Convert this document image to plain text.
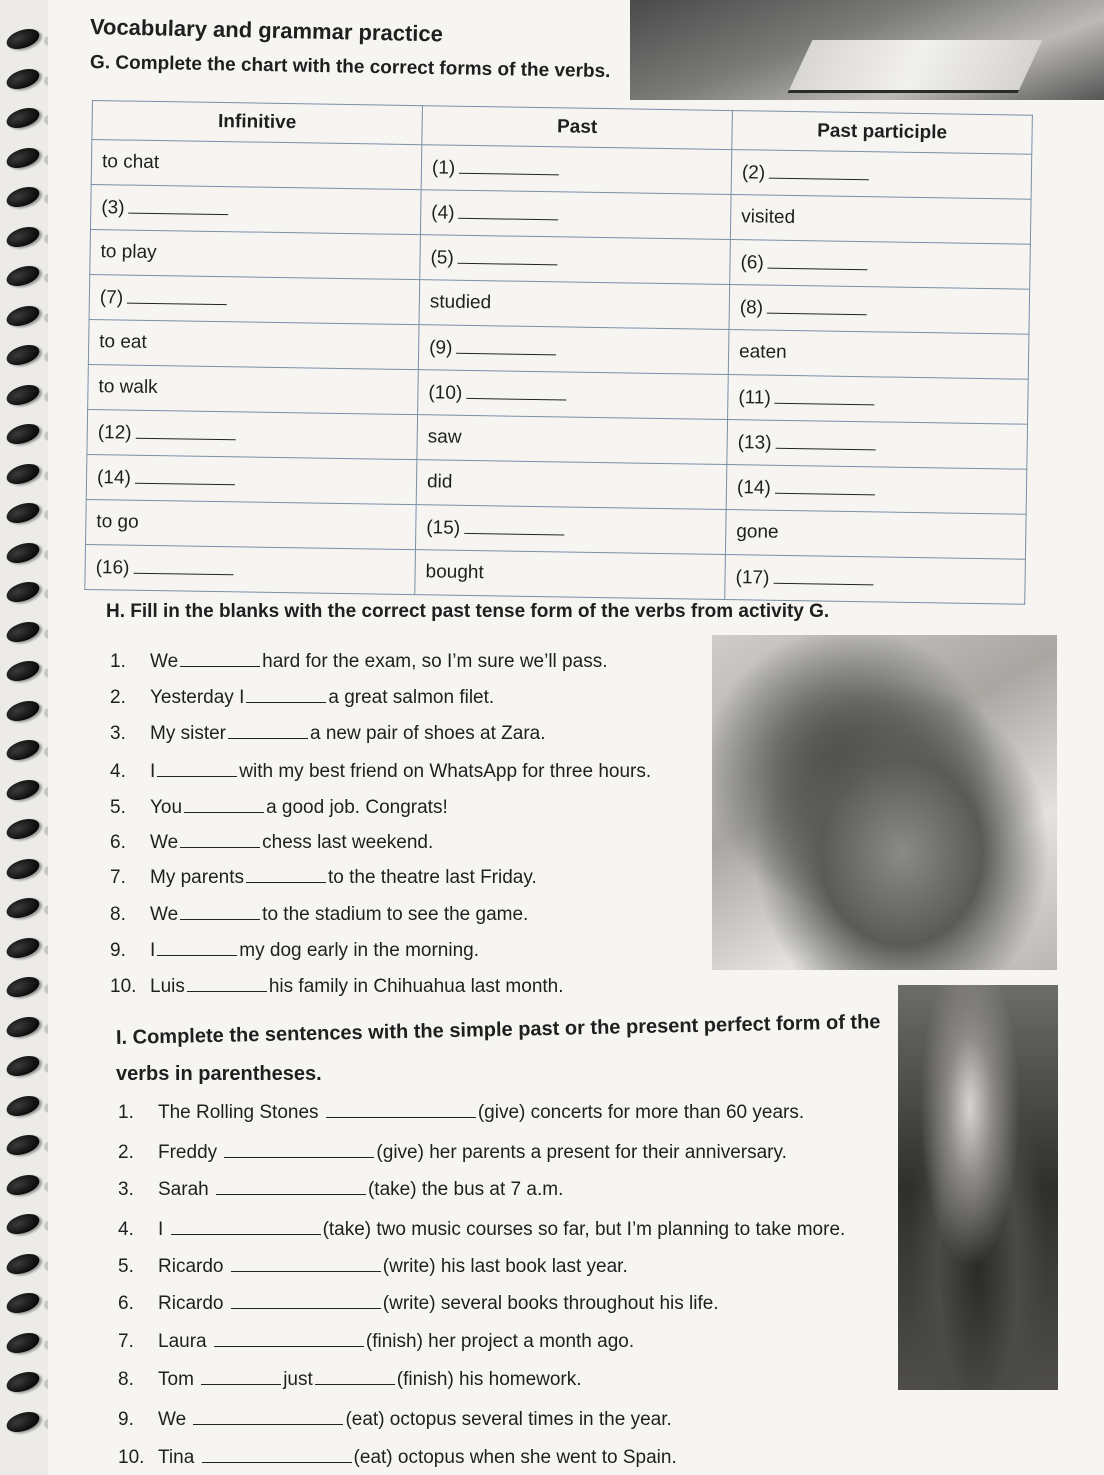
Vocabulary and grammar practice

G. Complete the chart with the correct forms of the verbs.

Infinitive	Past	Past participle
to chat	(1)	(2)
(3)	(4)	visited
to play	(5)	(6)
(7)	studied	(8)
to eat	(9)	eaten
to walk	(10)	(11)
(12)	saw	(13)
(14)	did	(14)
to go	(15)	gone
(16)	bought	(17)

H. Fill in the blanks with the correct past tense form of the verbs from activity G.

1. We	hard for the exam, so I’m sure we’ll pass.
2. Yesterday I	a great salmon filet.
3. My sister	a new pair of shoes at Zara.
4. I	with my best friend on WhatsApp for three hours.
5. You	a good job. Congrats!
6. We	chess last weekend.
7. My parents	to the theatre last Friday.
8. We	to the stadium to see the game.
9. I	my dog early in the morning.
10. Luis	his family in Chihuahua last month.

I. Complete the sentences with the simple past or the present perfect form of the

verbs in parentheses.

1. The Rolling Stones	(give) concerts for more than 60 years.
2. Freddy	(give) her parents a present for their anniversary.
3. Sarah	(take) the bus at 7 a.m.
4. I	(take) two music courses so far, but I’m planning to take more.
5. Ricardo	(write) his last book last year.
6. Ricardo	(write) several books throughout his life.
7. Laura	(finish) her project a month ago.
8. Tom	just	(finish) his homework.
9. We	(eat) octopus several times in the year.
10. Tina	(eat) octopus when she went to Spain.
